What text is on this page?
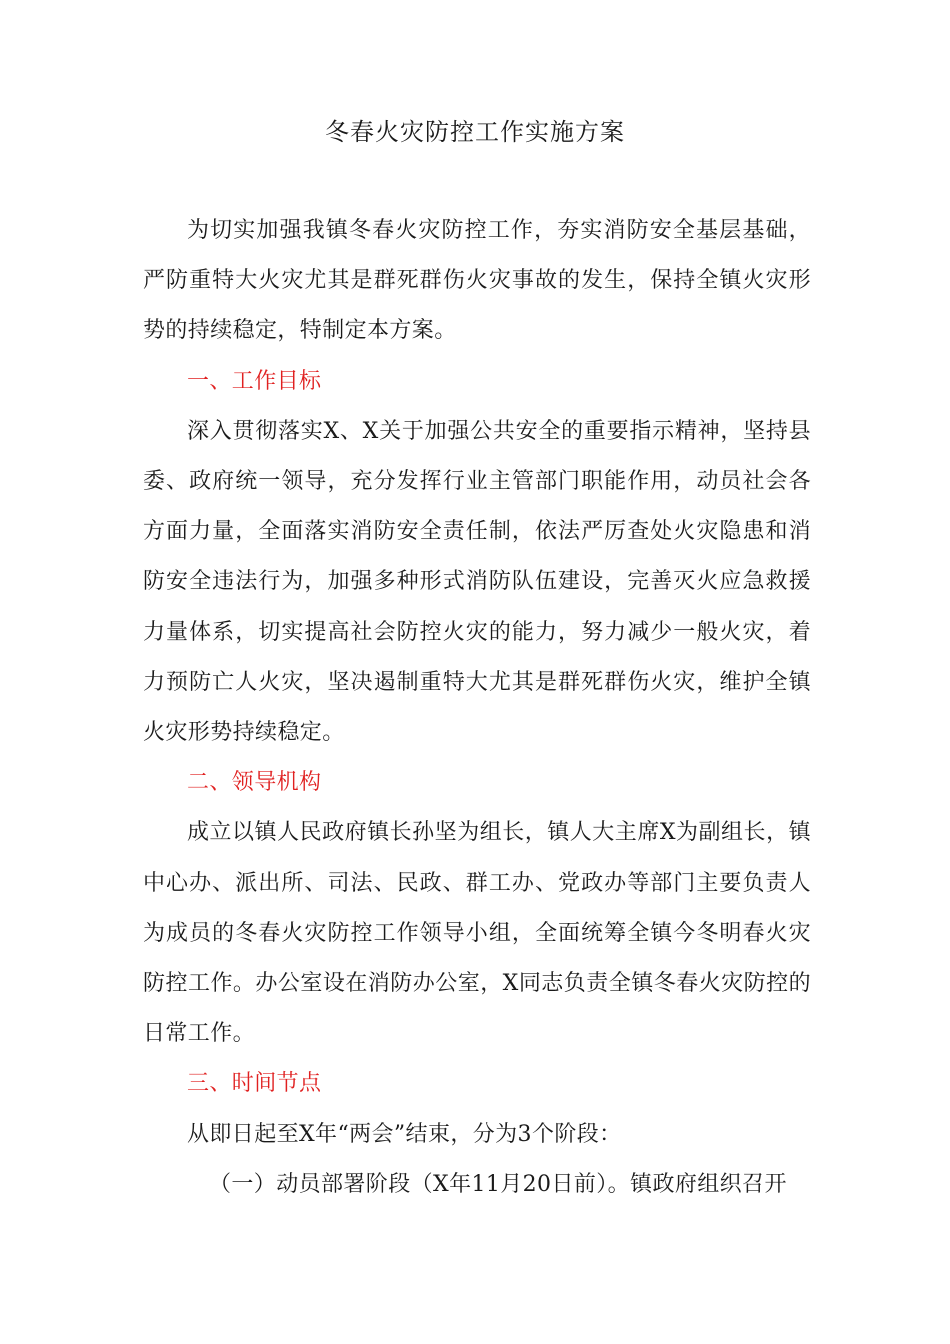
冬春火灾防控工作实施方案

为切实加强我镇冬春火灾防控工作，夯实消防安全基层基础，严防重特大火灾尤其是群死群伤火灾事故的发生，保持全镇火灾形势的持续稳定，特制定本方案。

一、工作目标

深入贯彻落实X、X关于加强公共安全的重要指示精神，坚持县委、政府统一领导，充分发挥行业主管部门职能作用，动员社会各方面力量，全面落实消防安全责任制，依法严厉查处火灾隐患和消防安全违法行为，加强多种形式消防队伍建设，完善灭火应急救援力量体系，切实提高社会防控火灾的能力，努力减少一般火灾，着力预防亡人火灾，坚决遏制重特大尤其是群死群伤火灾，维护全镇火灾形势持续稳定。

二、领导机构

成立以镇人民政府镇长孙坚为组长，镇人大主席X为副组长，镇中心办、派出所、司法、民政、群工办、党政办等部门主要负责人为成员的冬春火灾防控工作领导小组，全面统筹全镇今冬明春火灾防控工作。办公室设在消防办公室，X同志负责全镇冬春火灾防控的日常工作。

三、时间节点

从即日起至X年“两会”结束，分为3个阶段：

（一）动员部署阶段（X年11月20日前）。镇政府组织召开
